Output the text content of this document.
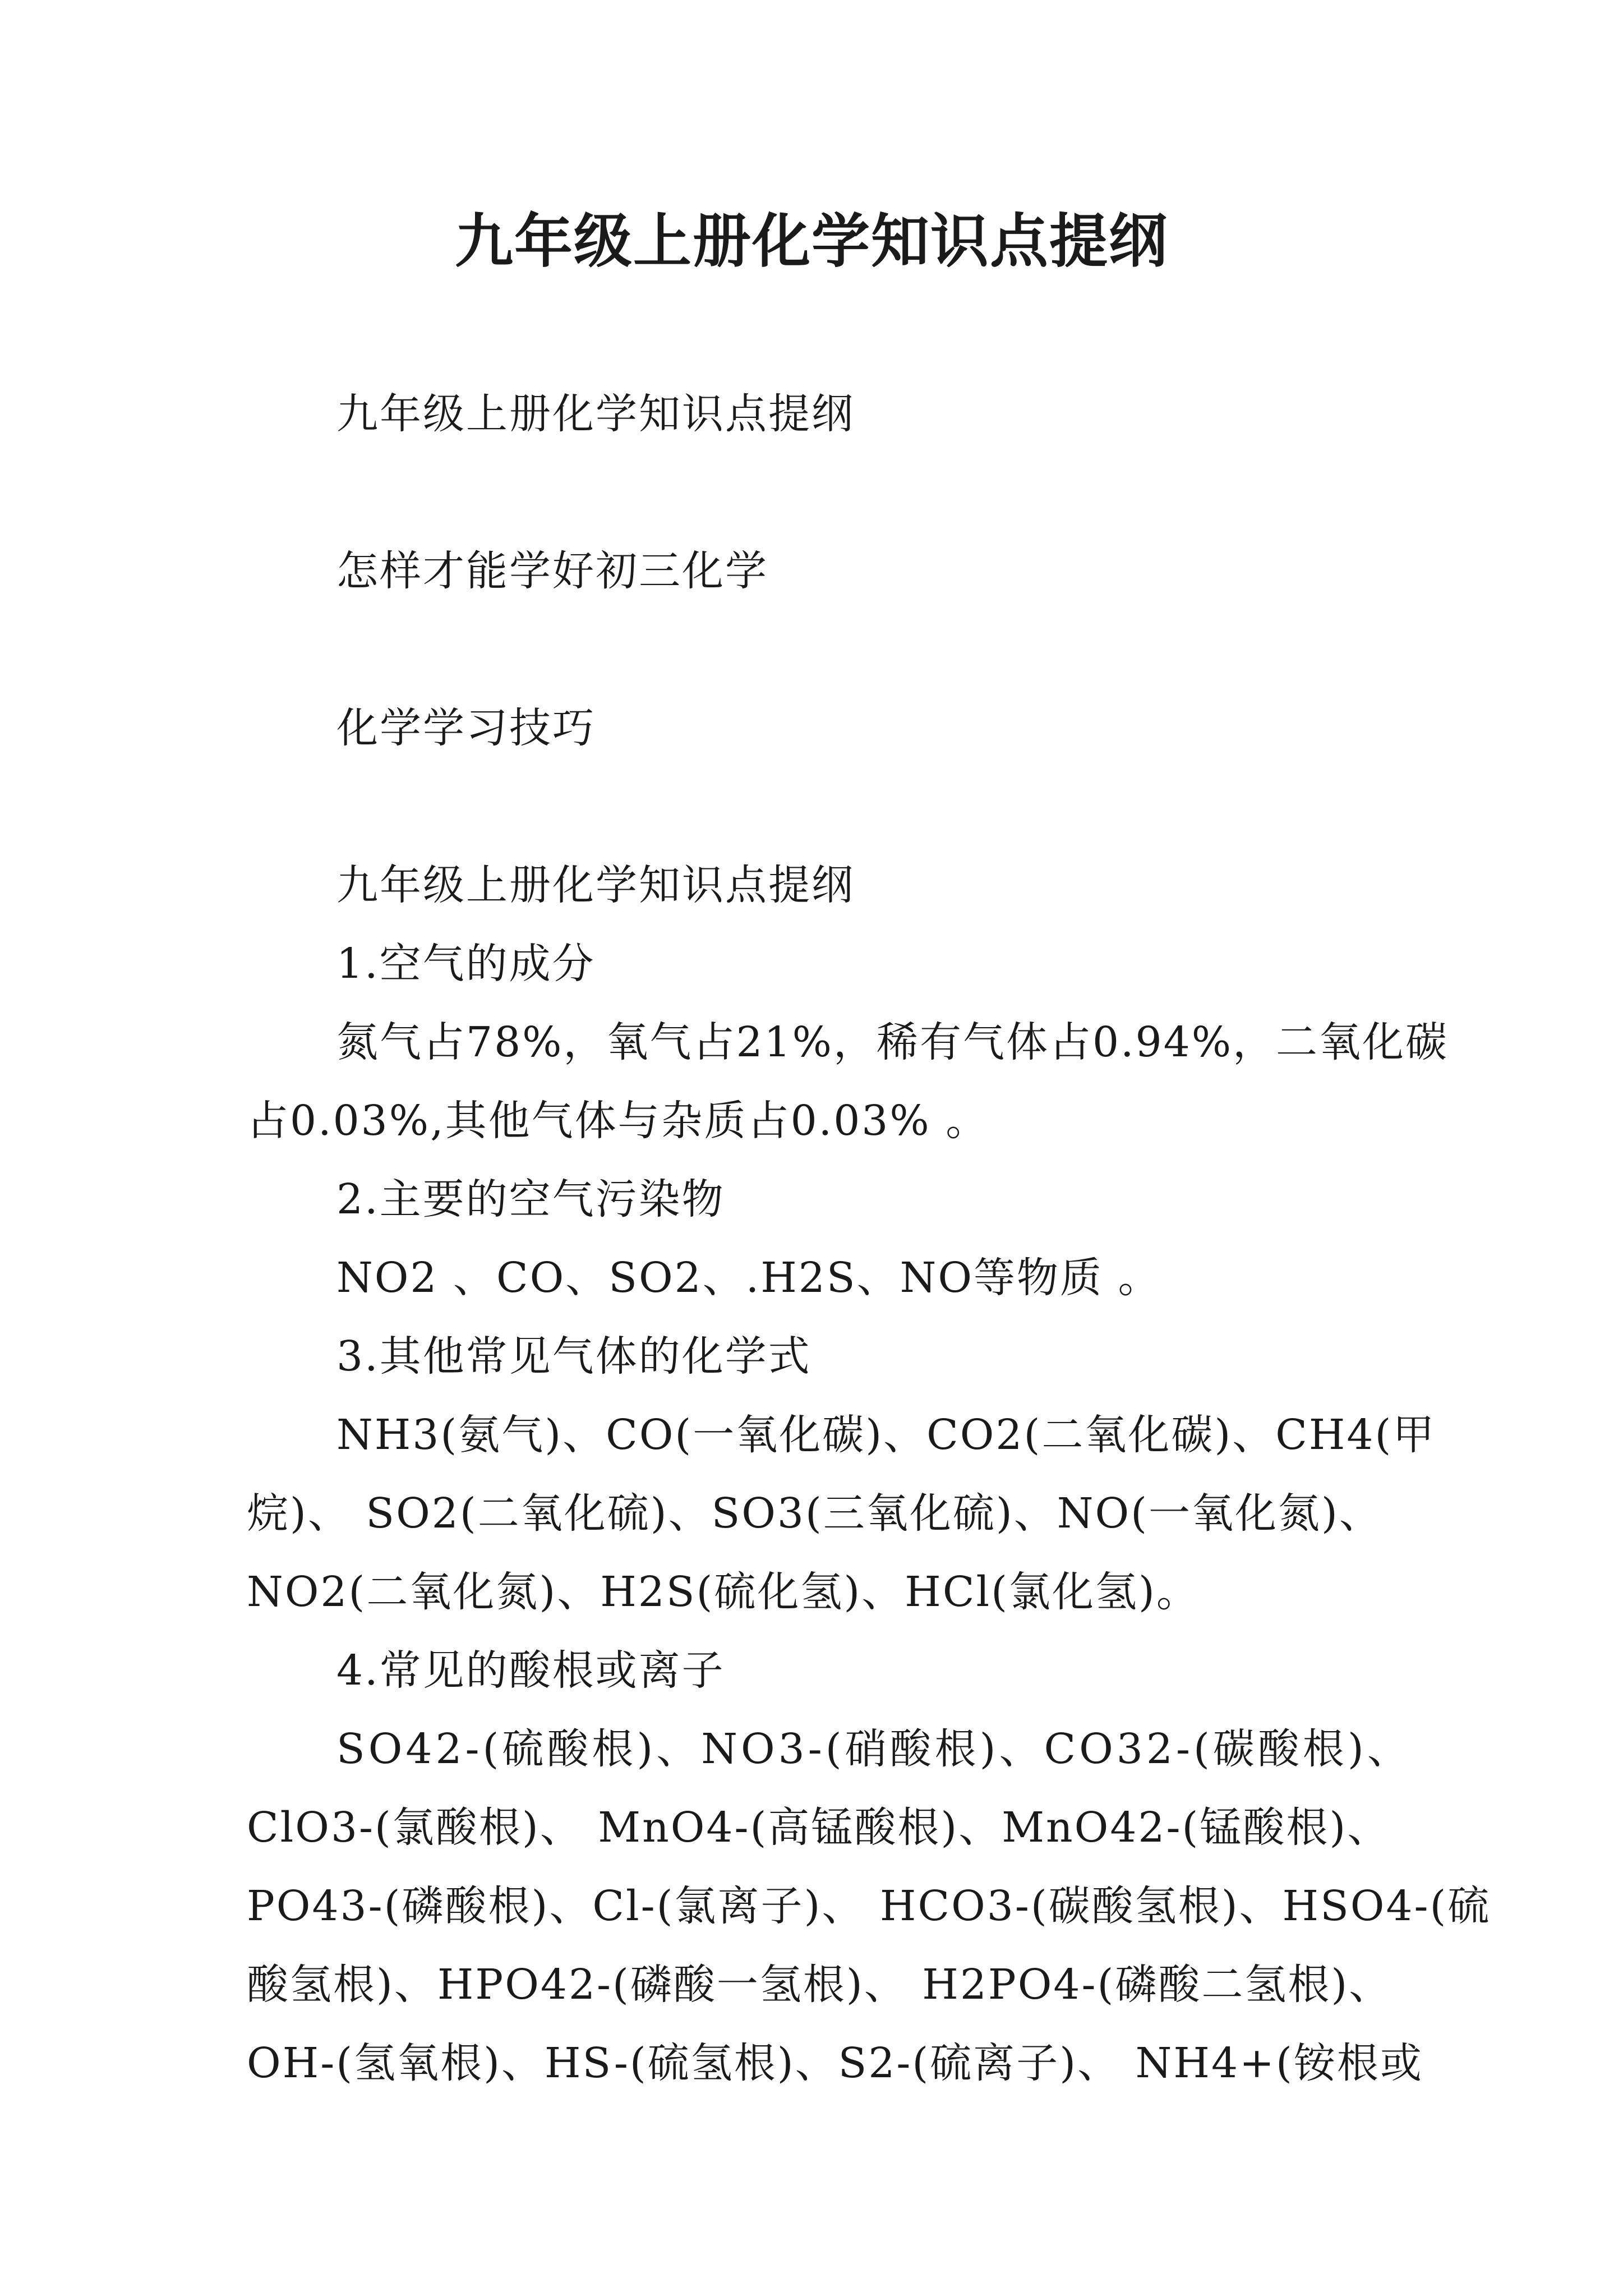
九年级上册化学知识点提纲

九年级上册化学知识点提纲

怎样才能学好初三化学

化学学习技巧

九年级上册化学知识点提纲

1.空气的成分

氮气占78%，氧气占21%，稀有气体占0.94%，二氧化碳

占0.03%,其他气体与杂质占0.03% 。

2.主要的空气污染物

NO2 、CO、SO2、.H2S、NO等物质 。

3.其他常见气体的化学式

NH3(氨气)、CO(一氧化碳)、CO2(二氧化碳)、CH4(甲

烷)、 SO2(二氧化硫)、SO3(三氧化硫)、NO(一氧化氮)、

NO2(二氧化氮)、H2S(硫化氢)、HCl(氯化氢)。

4.常见的酸根或离子

SO42-(硫酸根)、NO3-(硝酸根)、CO32-(碳酸根)、

ClO3-(氯酸根)、 MnO4-(高锰酸根)、MnO42-(锰酸根)、

PO43-(磷酸根)、Cl-(氯离子)、 HCO3-(碳酸氢根)、HSO4-(硫

酸氢根)、HPO42-(磷酸一氢根)、 H2PO4-(磷酸二氢根)、

OH-(氢氧根)、HS-(硫氢根)、S2-(硫离子)、 NH4+(铵根或
